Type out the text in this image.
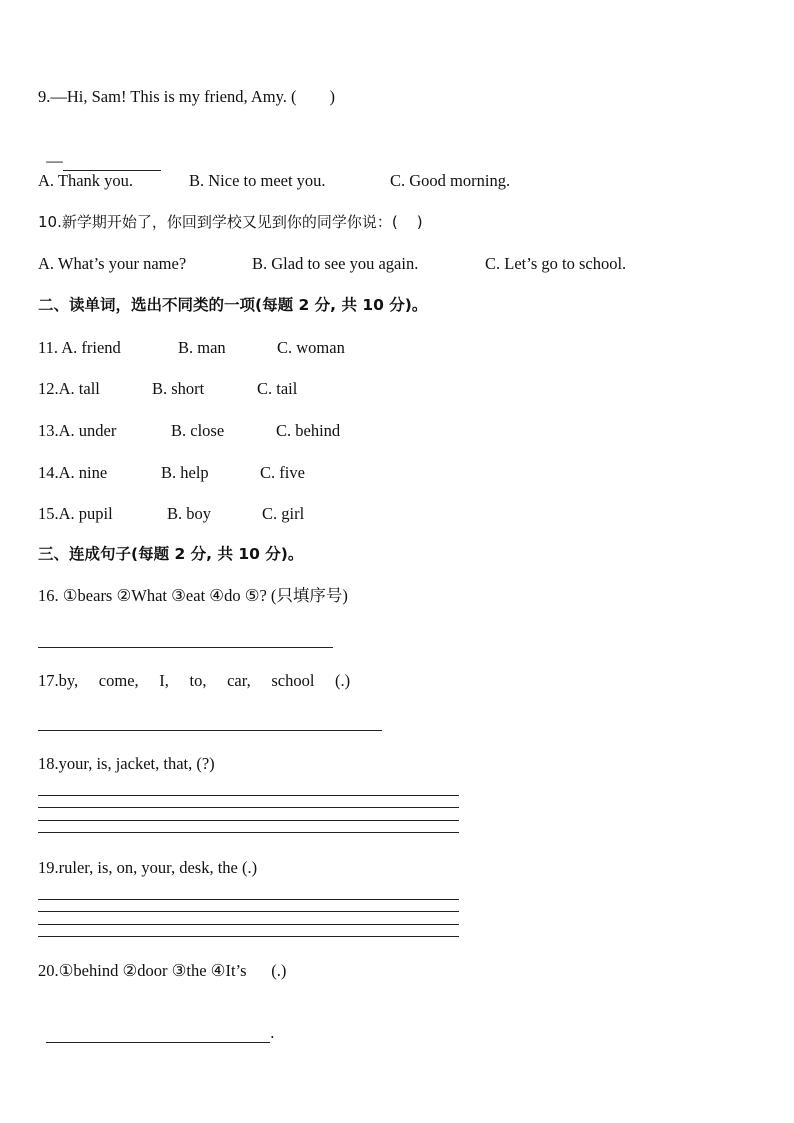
9.—Hi, Sam! This is my friend, Amy. (        )

—

A. Thank you.	B. Nice to meet you.	C. Good morning.
10.新学期开始了，你回到学校又见到你的同学你说：(    )
A. What’s your name?	B. Glad to see you again.	C. Let’s go to school.
二、读单词，选出不同类的一项(每题 2 分, 共 10 分)。
11. A. friend	B. man	C. woman
12.A. tall	B. short	C. tail
13.A. under	B. close	C. behind
14.A. nine	B. help	C. five
15.A. pupil	B. boy	C. girl
三、连成句子(每题 2 分, 共 10 分)。
16. ①bears ②What ③eat ④do ⑤? (只填序号)
17.by,     come,     I,     to,     car,     school     (.)
18.your, is, jacket, that, (?)
19.ruler, is, on, your, desk, the (.)
20.①behind ②door ③the ④It’s      (.)

.
